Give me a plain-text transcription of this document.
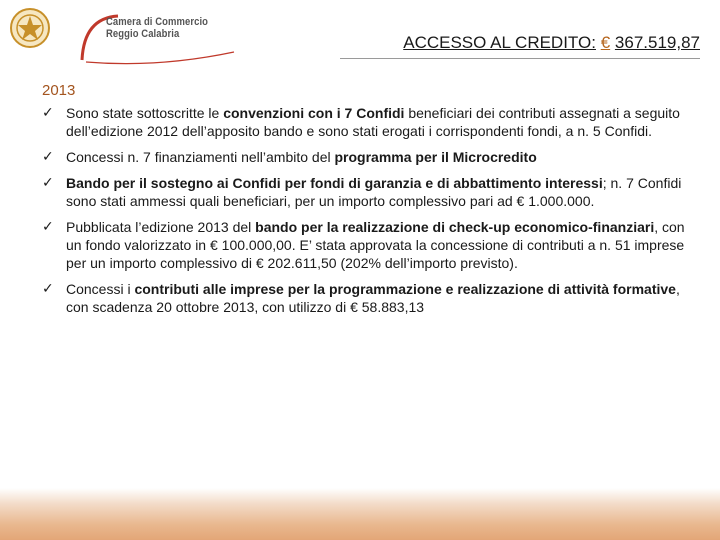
Camera di Commercio
Reggio Calabria	ACCESSO AL CREDITO: € 367.519,87
2013
✓ Sono state sottoscritte le convenzioni con i 7 Confidi beneficiari dei contributi assegnati a seguito dell’edizione 2012 dell’apposito bando e sono stati erogati i corrispondenti fondi, a n. 5 Confidi.
✓ Concessi n. 7 finanziamenti nell’ambito del programma per il Microcredito
✓ Bando per il sostegno ai Confidi per fondi di garanzia e di abbattimento interessi; n. 7 Confidi sono stati ammessi quali beneficiari, per un importo complessivo pari ad € 1.000.000.
✓ Pubblicata l’edizione 2013 del bando per la realizzazione di check-up economico-finanziari, con un fondo valorizzato in € 100.000,00. E’ stata approvata la concessione di contributi a n. 51 imprese per un importo complessivo di € 202.611,50 (202% dell’importo previsto).
✓ Concessi i contributi alle imprese per la programmazione e realizzazione di attività formative, con scadenza 20 ottobre 2013, con utilizzo di € 58.883,13
